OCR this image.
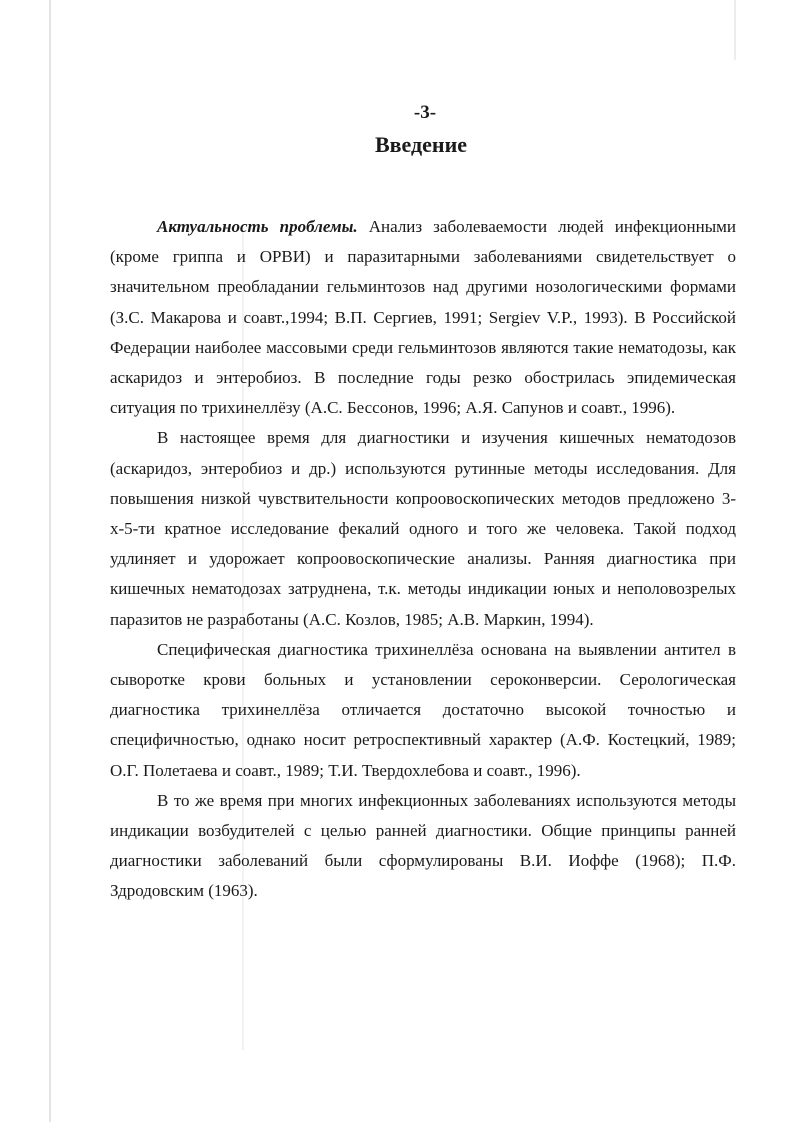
-3-
Введение

Актуальность проблемы. Анализ заболеваемости людей инфекционными (кроме гриппа и ОРВИ) и паразитарными заболеваниями свидетельствует о значительном преобладании гельминтозов над другими нозологическими формами (З.С. Макарова и соавт.,1994; В.П. Сергиев, 1991; Sergiev V.P., 1993). В Российской Федерации наиболее массовыми среди гельминтозов являются такие нематодозы, как аскаридоз и энтеробиоз. В последние годы резко обострилась эпидемическая ситуация по трихинеллёзу (А.С. Бессонов, 1996; А.Я. Сапунов и соавт., 1996).

В настоящее время для диагностики и изучения кишечных нематодозов (аскаридоз, энтеробиоз и др.) используются рутинные методы исследования. Для повышения низкой чувствительности копроовоскопических методов предложено 3-х-5-ти кратное исследование фекалий одного и того же человека. Такой подход удлиняет и удорожает копроовоскопические анализы. Ранняя диагностика при кишечных нематодозах затруднена, т.к. методы индикации юных и неполовозрелых паразитов не разработаны (А.С. Козлов, 1985; А.В. Маркин, 1994).

Специфическая диагностика трихинеллёза основана на выявлении антител в сыворотке крови больных и установлении сероконверсии. Серологическая диагностика трихинеллёза отличается достаточно высокой точностью и специфичностью, однако носит ретроспективный характер (А.Ф. Костецкий, 1989; О.Г. Полетаева и соавт., 1989; Т.И. Твердохлебова и соавт., 1996).

В то же время при многих инфекционных заболеваниях используются методы индикации возбудителей с целью ранней диагностики. Общие принципы ранней диагностики заболеваний были сформулированы В.И. Иоффе (1968); П.Ф. Здродовским (1963).
